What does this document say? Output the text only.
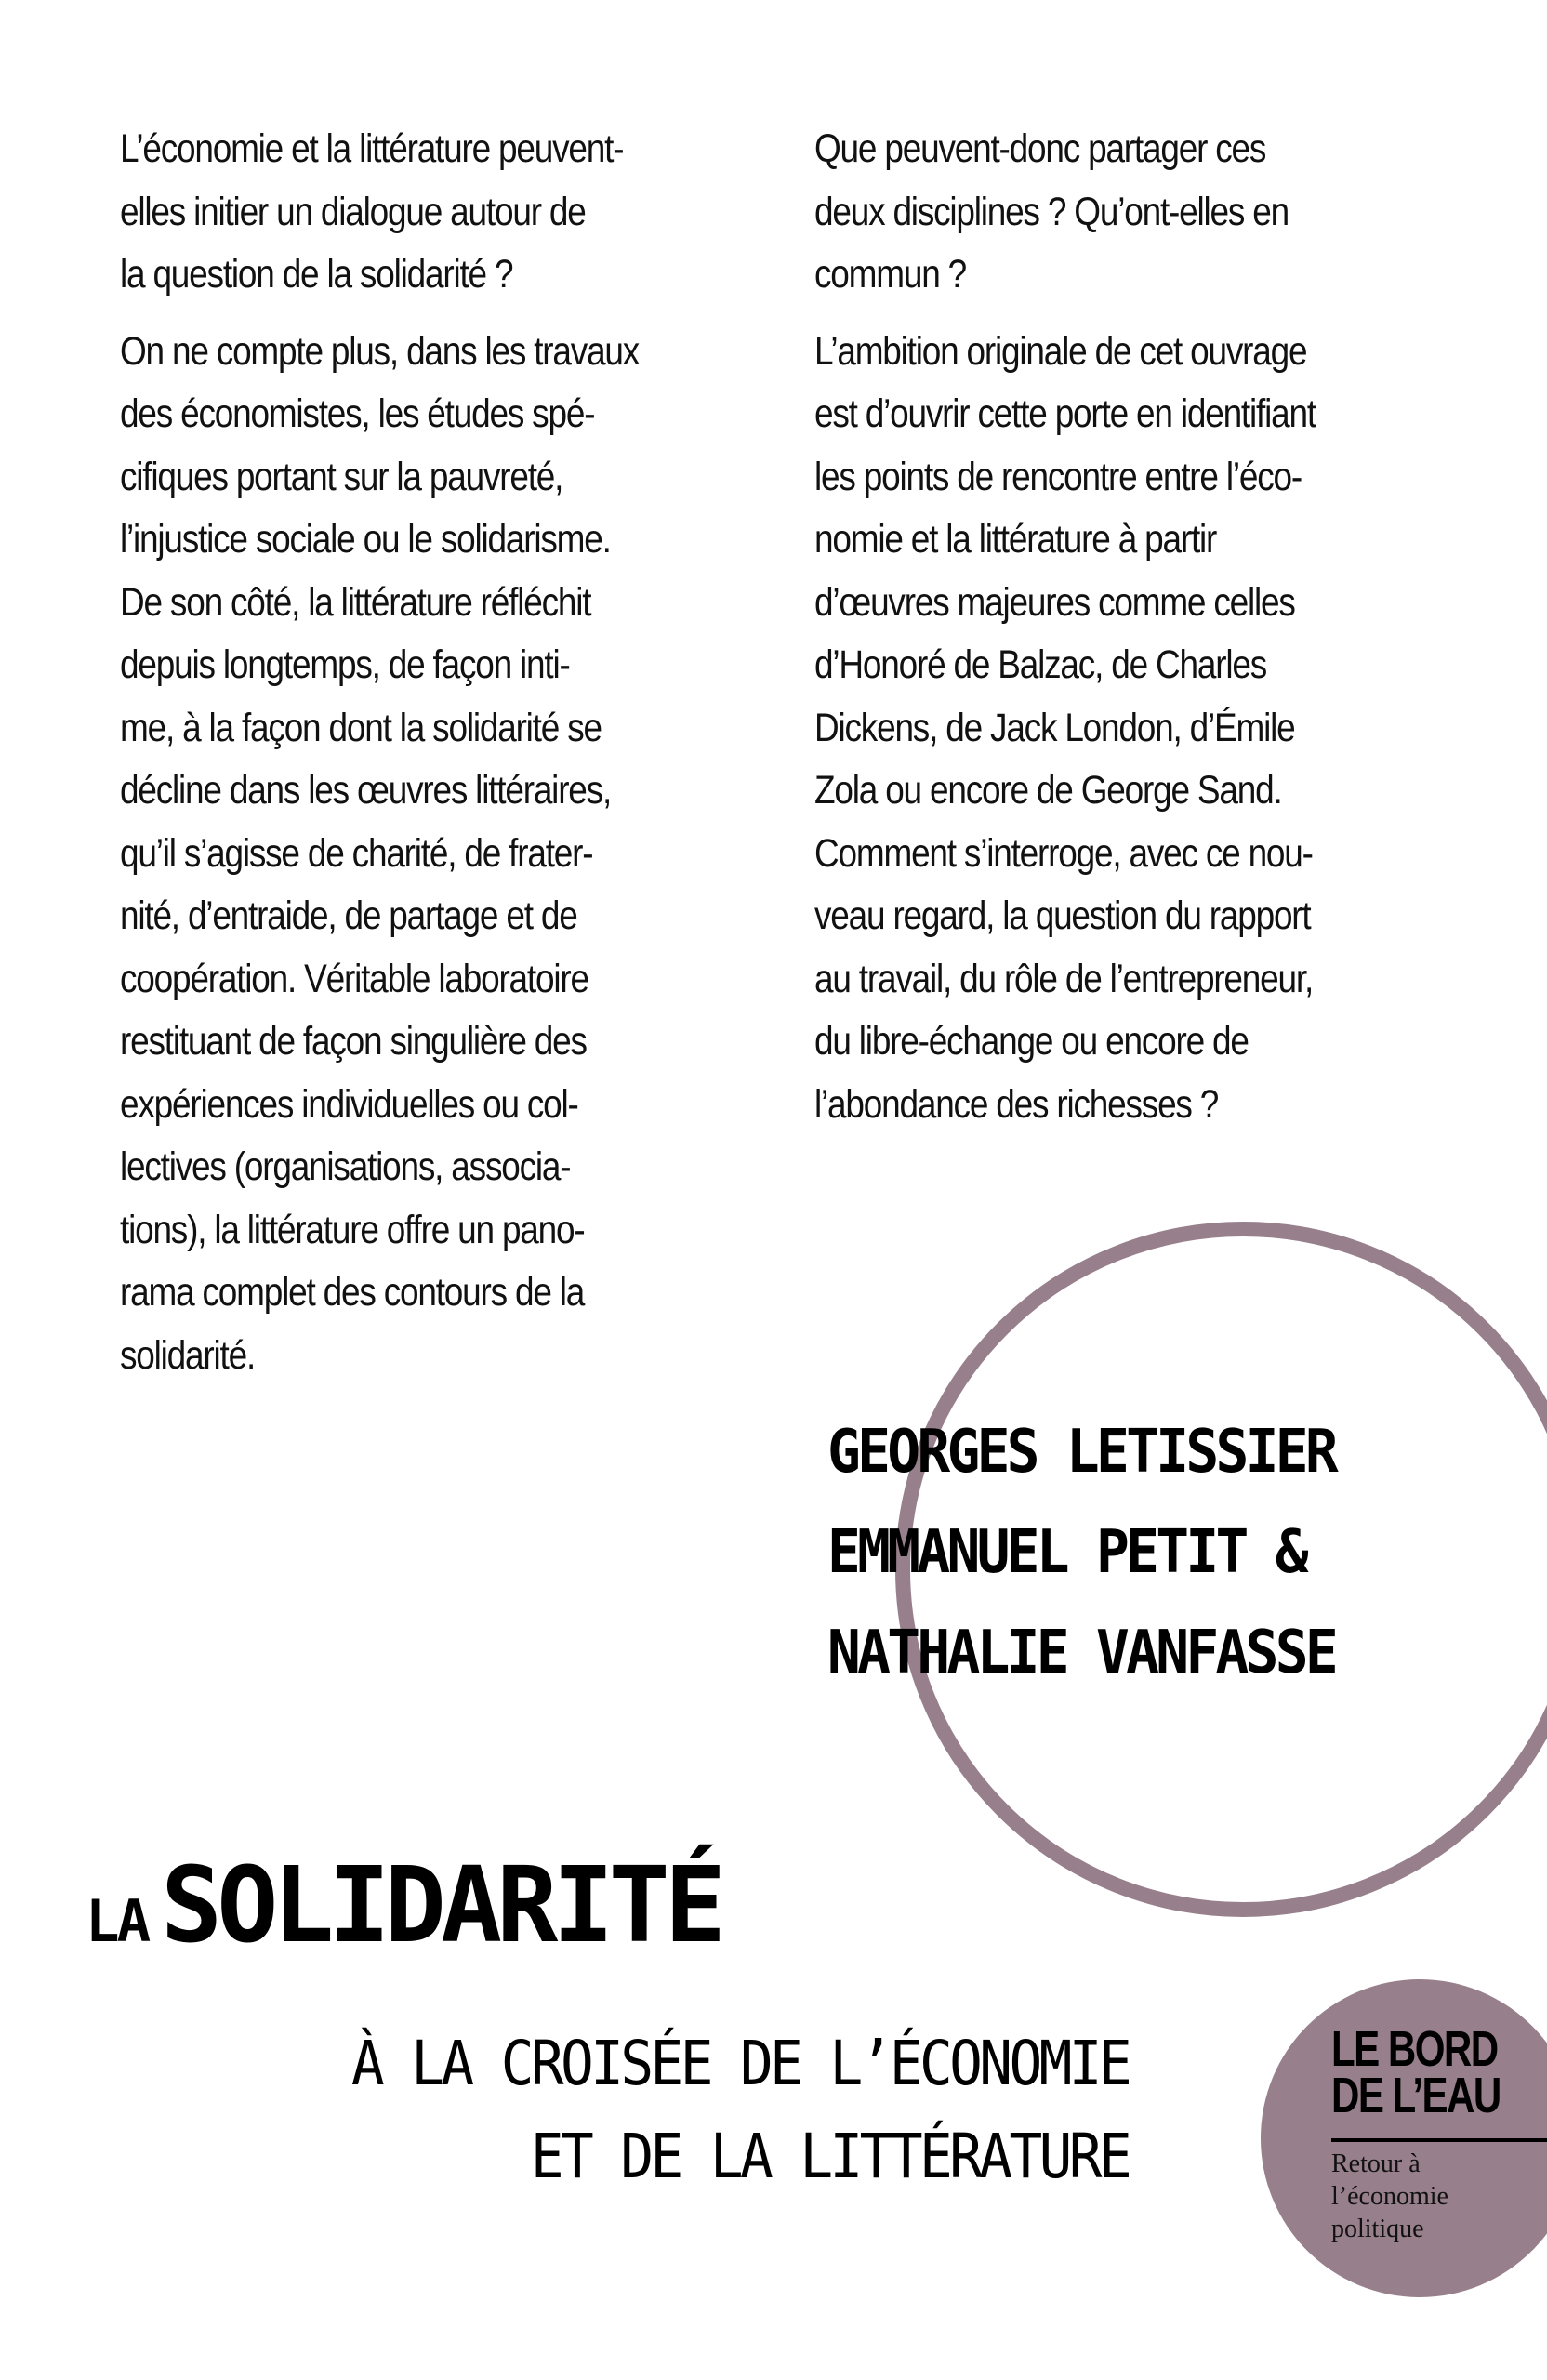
L’économie et la littérature peuvent-
elles initier un dialogue autour de
la question de la solidarité ?

On ne compte plus, dans les travaux
des économistes, les études spé-
cifiques portant sur la pauvreté,
l’injustice sociale ou le solidarisme.
De son côté, la littérature réfléchit
depuis longtemps, de façon inti-
me, à la façon dont la solidarité se
décline dans les œuvres littéraires,
qu’il s’agisse de charité, de frater-
nité, d’entraide, de partage et de
coopération. Véritable laboratoire
restituant de façon singulière des
expériences individuelles ou col-
lectives (organisations, associa-
tions), la littérature offre un pano-
rama complet des contours de la
solidarité.

Que peuvent-donc partager ces
deux disciplines ? Qu’ont-elles en
commun ?

L’ambition originale de cet ouvrage
est d’ouvrir cette porte en identifiant
les points de rencontre entre l’éco-
nomie et la littérature à partir
d’œuvres majeures comme celles
d’Honoré de Balzac, de Charles
Dickens, de Jack London, d’Émile
Zola ou encore de George Sand.
Comment s’interroge, avec ce nou-
veau regard, la question du rapport
au travail, du rôle de l’entrepreneur,
du libre-échange ou encore de
l’abondance des richesses ?

GEORGES LETISSIER
EMMANUEL PETIT &
NATHALIE VANFASSE
LA SOLIDARITÉ
À LA CROISÉE DE L’ÉCONOMIE
ET DE LA LITTÉRATURE
LE BORD
DE L’EAU
Retour à
l’économie
politique
